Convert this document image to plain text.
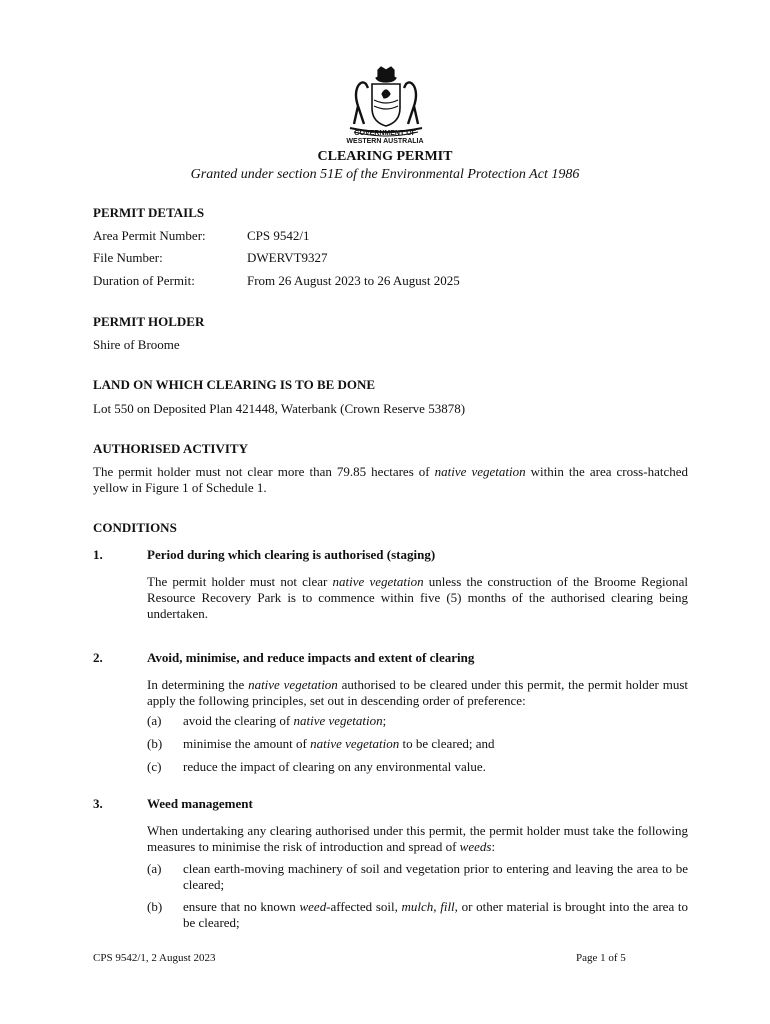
GOVERNMENT OF
WESTERN AUSTRALIA
CLEARING PERMIT
Granted under section 51E of the Environmental Protection Act 1986
PERMIT DETAILS
Area Permit Number:	CPS 9542/1
File Number:	DWERVT9327
Duration of Permit:	From 26 August 2023 to 26 August 2025
PERMIT HOLDER
Shire of Broome
LAND ON WHICH CLEARING IS TO BE DONE
Lot 550 on Deposited Plan 421448, Waterbank (Crown Reserve 53878)
AUTHORISED ACTIVITY
The permit holder must not clear more than 79.85 hectares of native vegetation within the area cross-hatched yellow in Figure 1 of Schedule 1.
CONDITIONS
1.	Period during which clearing is authorised (staging)
The permit holder must not clear native vegetation unless the construction of the Broome Regional Resource Recovery Park is to commence within five (5) months of the authorised clearing being undertaken.
2.	Avoid, minimise, and reduce impacts and extent of clearing
In determining the native vegetation authorised to be cleared under this permit, the permit holder must apply the following principles, set out in descending order of preference:
(a) avoid the clearing of native vegetation;
(b) minimise the amount of native vegetation to be cleared; and
(c) reduce the impact of clearing on any environmental value.
3.	Weed management
When undertaking any clearing authorised under this permit, the permit holder must take the following measures to minimise the risk of introduction and spread of weeds:
(a) clean earth-moving machinery of soil and vegetation prior to entering and leaving the area to be cleared;
(b) ensure that no known weed-affected soil, mulch, fill, or other material is brought into the area to be cleared;
CPS 9542/1, 2 August 2023	Page 1 of 5
